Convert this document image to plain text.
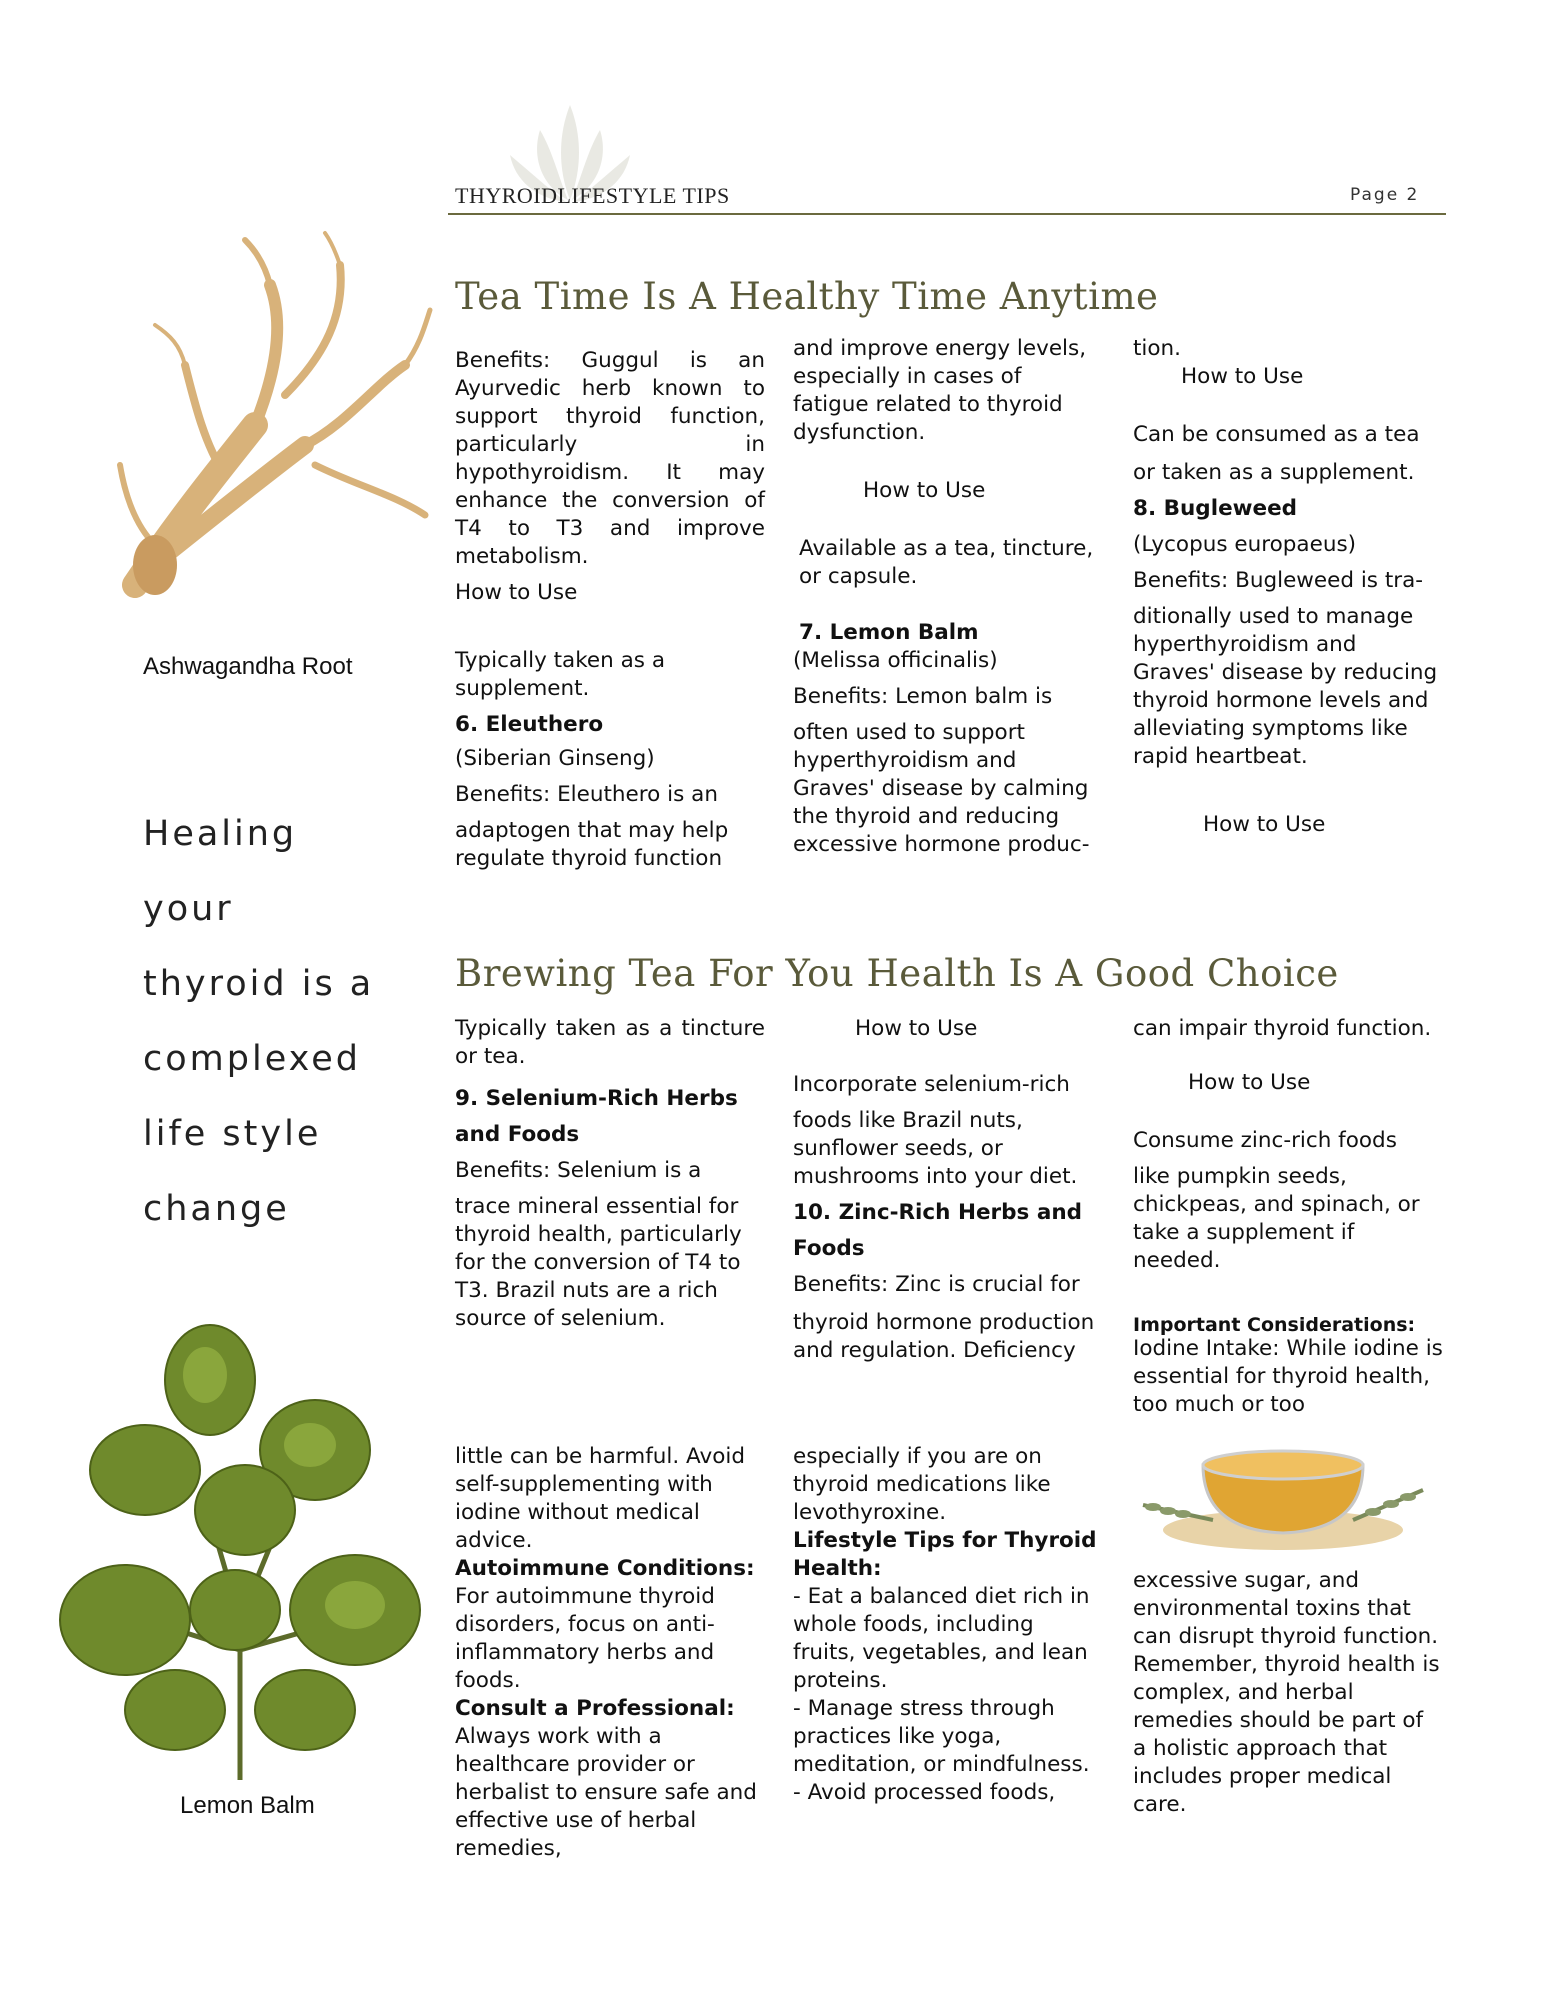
THYROIDLIFESTYLE TIPS	Page 2
Ashwagandha Root
Healing
your
thyroid is a
complexed
life style
change
Lemon Balm
Tea Time Is A Healthy Time Anytime

Benefits: Guggul is an Ayurvedic herb known to support thyroid function, particularly in hypothyroidism. It may enhance the conversion of T4 to T3 and improve metabolism.

How to Use

Typically taken as a supplement.

6. Eleuthero

(Siberian Ginseng)

Benefits: Eleuthero is an

adaptogen that may help regulate thyroid function

and improve energy levels, especially in cases of fatigue related to thyroid dysfunction.

How to Use

Available as a tea, tincture, or capsule.

7. Lemon Balm

(Melissa officinalis)

Benefits: Lemon balm is

often used to support hyperthyroidism and Graves' disease by calming the thyroid and reducing excessive hormone produc-

tion.

How to Use

Can be consumed as a tea

or taken as a supplement.

8. Bugleweed

(Lycopus europaeus)

Benefits: Bugleweed is tra-

ditionally used to manage hyperthyroidism and Graves' disease by reducing thyroid hormone levels and alleviating symptoms like rapid heartbeat.

How to Use

Brewing Tea For You Health Is A Good Choice

Typically taken as a tincture or tea.

9. Selenium-Rich Herbs

and Foods

Benefits: Selenium is a

trace mineral essential for thyroid health, particularly for the conversion of T4 to T3. Brazil nuts are a rich source of selenium.

How to Use

Incorporate selenium-rich

foods like Brazil nuts, sunflower seeds, or mushrooms into your diet.

10. Zinc-Rich Herbs and

Foods

Benefits: Zinc is crucial for

thyroid hormone production and regulation. Deficiency

can impair thyroid function.

How to Use

Consume zinc-rich foods

like pumpkin seeds, chickpeas, and spinach, or take a supplement if needed.

Important Considerations:

Iodine Intake: While iodine is essential for thyroid health, too much or too

little can be harmful. Avoid self-supplementing with iodine without medical advice.

Autoimmune Conditions:

For autoimmune thyroid disorders, focus on anti-inflammatory herbs and foods.

Consult a Professional:

Always work with a healthcare provider or herbalist to ensure safe and effective use of herbal remedies,

especially if you are on thyroid medications like levothyroxine.

Lifestyle Tips for Thyroid Health:

- Eat a balanced diet rich in whole foods, including fruits, vegetables, and lean proteins.

- Manage stress through practices like yoga, meditation, or mindfulness.

- Avoid processed foods,

excessive sugar, and environmental toxins that can disrupt thyroid function. Remember, thyroid health is complex, and herbal remedies should be part of a holistic approach that includes proper medical care.
